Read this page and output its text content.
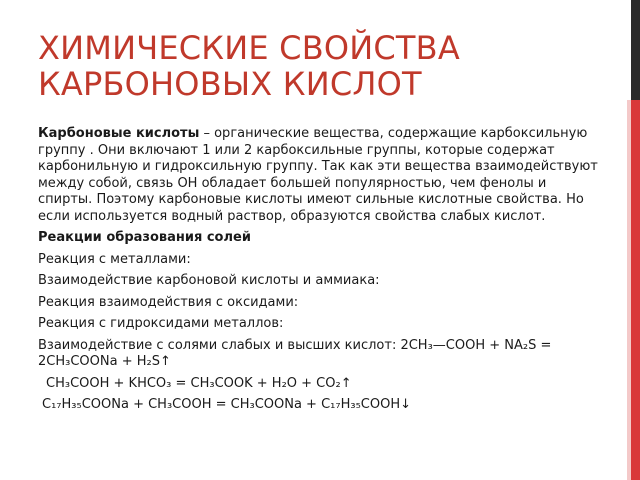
ХИМИЧЕСКИЕ СВОЙСТВА
КАРБОНОВЫХ КИСЛОТ

Карбоновые кислоты – органические вещества, содержащие карбоксильную группу . Они включают 1 или 2 карбоксильные группы, которые содержат карбонильную и гидроксильную группу. Так как эти вещества взаимодействуют между собой, связь ОН обладает большей популярностью, чем фенолы и спирты. Поэтому карбоновые кислоты имеют сильные кислотные свойства. Но если используется водный раствор, образуются свойства слабых кислот.

Реакции образования солей

Реакция с металлами:

Взаимодействие карбоновой кислоты и аммиака:

Реакция взаимодействия с оксидами:

Реакция с гидроксидами металлов:

Взаимодействие с солями слабых и высших кислот: 2CH₃—COOH + NA₂S = 2CH₃COONa + H₂S↑

CH₃COOH + KHCO₃ = CH₃COOK + H₂O + CO₂↑

C₁₇H₃₅COONa + CH₃COOH = CH₃COONa + C₁₇H₃₅COOH↓
